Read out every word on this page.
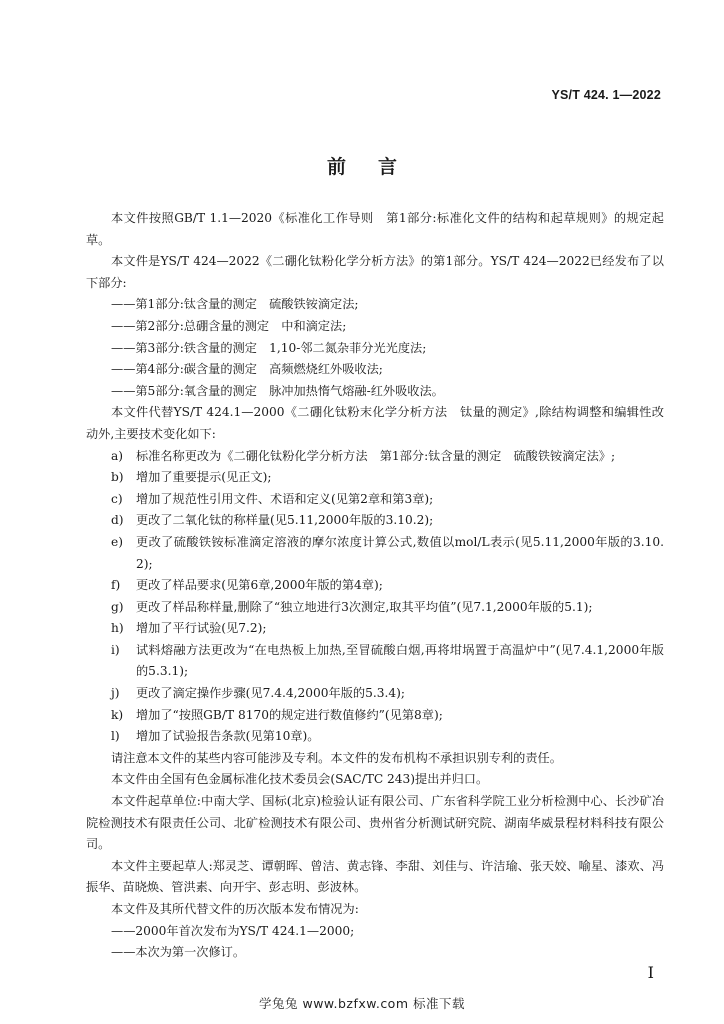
YS/T 424. 1—2022
前言

本文件按照GB/T 1.1—2020《标准化工作导则　第1部分:标准化文件的结构和起草规则》的规定起草。

本文件是YS/T 424—2022《二硼化钛粉化学分析方法》的第1部分。YS/T 424—2022已经发布了以下部分:

——第1部分:钛含量的测定　硫酸铁铵滴定法;

——第2部分:总硼含量的测定　中和滴定法;

——第3部分:铁含量的测定　1,10-邻二氮杂菲分光光度法;

——第4部分:碳含量的测定　高频燃烧红外吸收法;

——第5部分:氧含量的测定　脉冲加热惰气熔融-红外吸收法。

本文件代替YS/T 424.1—2000《二硼化钛粉末化学分析方法　钛量的测定》,除结构调整和编辑性改动外,主要技术变化如下:

a)	标准名称更改为《二硼化钛粉化学分析方法　第1部分:钛含量的测定　硫酸铁铵滴定法》;
b)	增加了重要提示(见正文);
c)	增加了规范性引用文件、术语和定义(见第2章和第3章);
d)	更改了二氧化钛的称样量(见5.11,2000年版的3.10.2);
e)	更改了硫酸铁铵标准滴定溶液的摩尔浓度计算公式,数值以mol/L表示(见5.11,2000年版的3.10.2);
f)	更改了样品要求(见第6章,2000年版的第4章);
g)	更改了样品称样量,删除了“独立地进行3次测定,取其平均值”(见7.1,2000年版的5.1);
h)	增加了平行试验(见7.2);
i)	试料熔融方法更改为“在电热板上加热,至冒硫酸白烟,再将坩埚置于高温炉中”(见7.4.1,2000年版的5.3.1);
j)	更改了滴定操作步骤(见7.4.4,2000年版的5.3.4);
k)	增加了“按照GB/T 8170的规定进行数值修约”(见第8章);
l)	增加了试验报告条款(见第10章)。

请注意本文件的某些内容可能涉及专利。本文件的发布机构不承担识别专利的责任。

本文件由全国有色金属标准化技术委员会(SAC/TC 243)提出并归口。

本文件起草单位:中南大学、国标(北京)检验认证有限公司、广东省科学院工业分析检测中心、长沙矿冶院检测技术有限责任公司、北矿检测技术有限公司、贵州省分析测试研究院、湖南华威景程材料科技有限公司。

本文件主要起草人:郑灵芝、谭朝晖、曾洁、黄志锋、李甜、刘佳与、许洁瑜、张天姣、喻星、漆欢、冯振华、苗晓焕、管洪素、向开宇、彭志明、彭波林。

本文件及其所代替文件的历次版本发布情况为:

——2000年首次发布为YS/T 424.1—2000;

——本次为第一次修订。

I
学兔兔 www.bzfxw.com 标准下载
